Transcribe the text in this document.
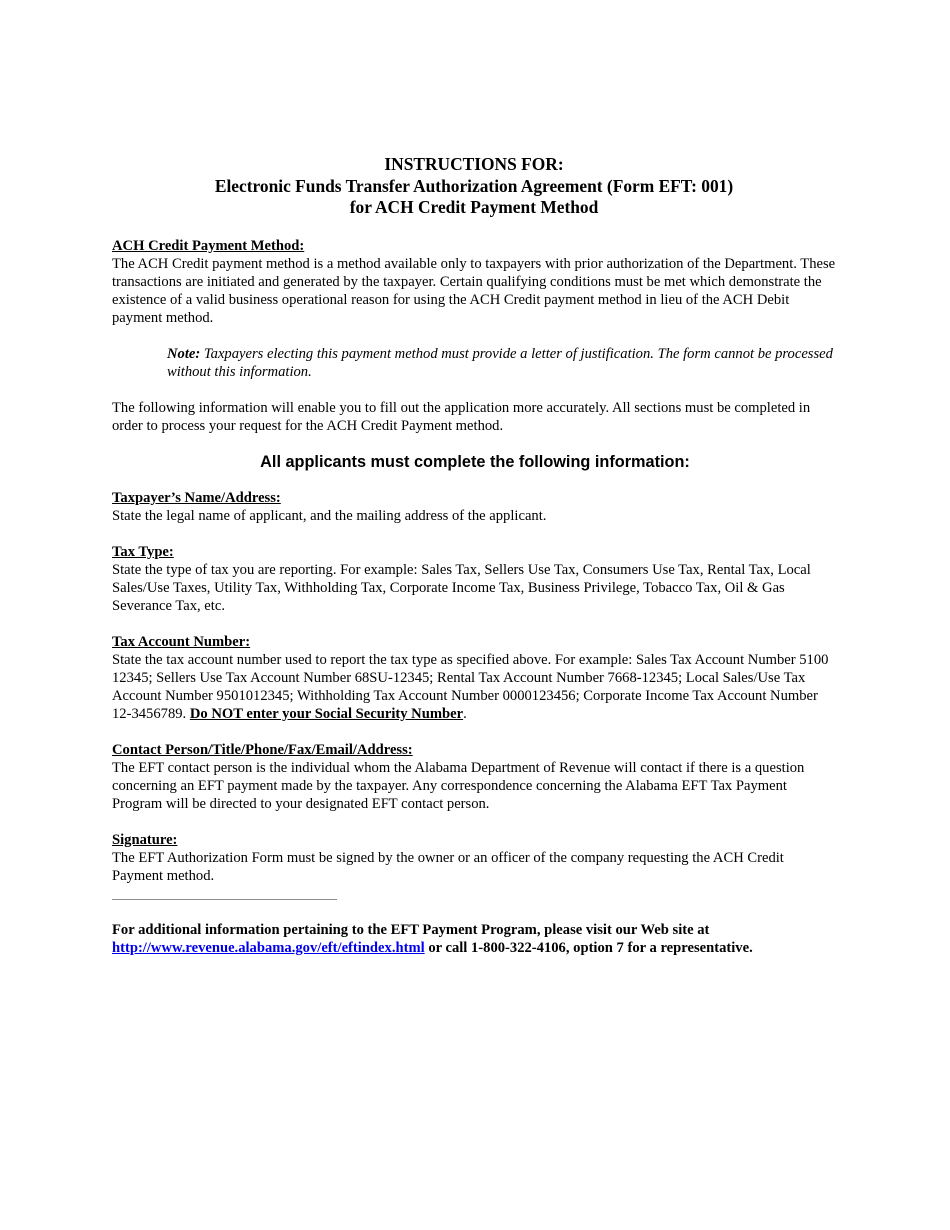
INSTRUCTIONS FOR:
Electronic Funds Transfer Authorization Agreement (Form EFT: 001)
for ACH Credit Payment Method
ACH Credit Payment Method:

The ACH Credit payment method is a method available only to taxpayers with prior authorization of the Department. These transactions are initiated and generated by the taxpayer. Certain qualifying conditions must be met which demonstrate the existence of a valid business operational reason for using the ACH Credit payment method in lieu of the ACH Debit payment method.

Note: Taxpayers electing this payment method must provide a letter of justification. The form cannot be processed without this information.

The following information will enable you to fill out the application more accurately. All sections must be completed in order to process your request for the ACH Credit Payment method.

All applicants must complete the following information:
Taxpayer’s Name/Address:

State the legal name of applicant, and the mailing address of the applicant.

Tax Type:

State the type of tax you are reporting. For example: Sales Tax, Sellers Use Tax, Consumers Use Tax, Rental Tax, Local Sales/Use Taxes, Utility Tax, Withholding Tax, Corporate Income Tax, Business Privilege, Tobacco Tax, Oil & Gas Severance Tax, etc.

Tax Account Number:

State the tax account number used to report the tax type as specified above. For example: Sales Tax Account Number 5100 12345; Sellers Use Tax Account Number 68SU-12345; Rental Tax Account Number 7668-12345; Local Sales/Use Tax Account Number 9501012345; Withholding Tax Account Number 0000123456; Corporate Income Tax Account Number 12-3456789. Do NOT enter your Social Security Number.

Contact Person/Title/Phone/Fax/Email/Address:

The EFT contact person is the individual whom the Alabama Department of Revenue will contact if there is a question concerning an EFT payment made by the taxpayer. Any correspondence concerning the Alabama EFT Tax Payment Program will be directed to your designated EFT contact person.

Signature:

The EFT Authorization Form must be signed by the owner or an officer of the company requesting the ACH Credit Payment method.

For additional information pertaining to the EFT Payment Program, please visit our Web site at http://www.revenue.alabama.gov/eft/eftindex.html or call 1-800-322-4106, option 7 for a representative.
